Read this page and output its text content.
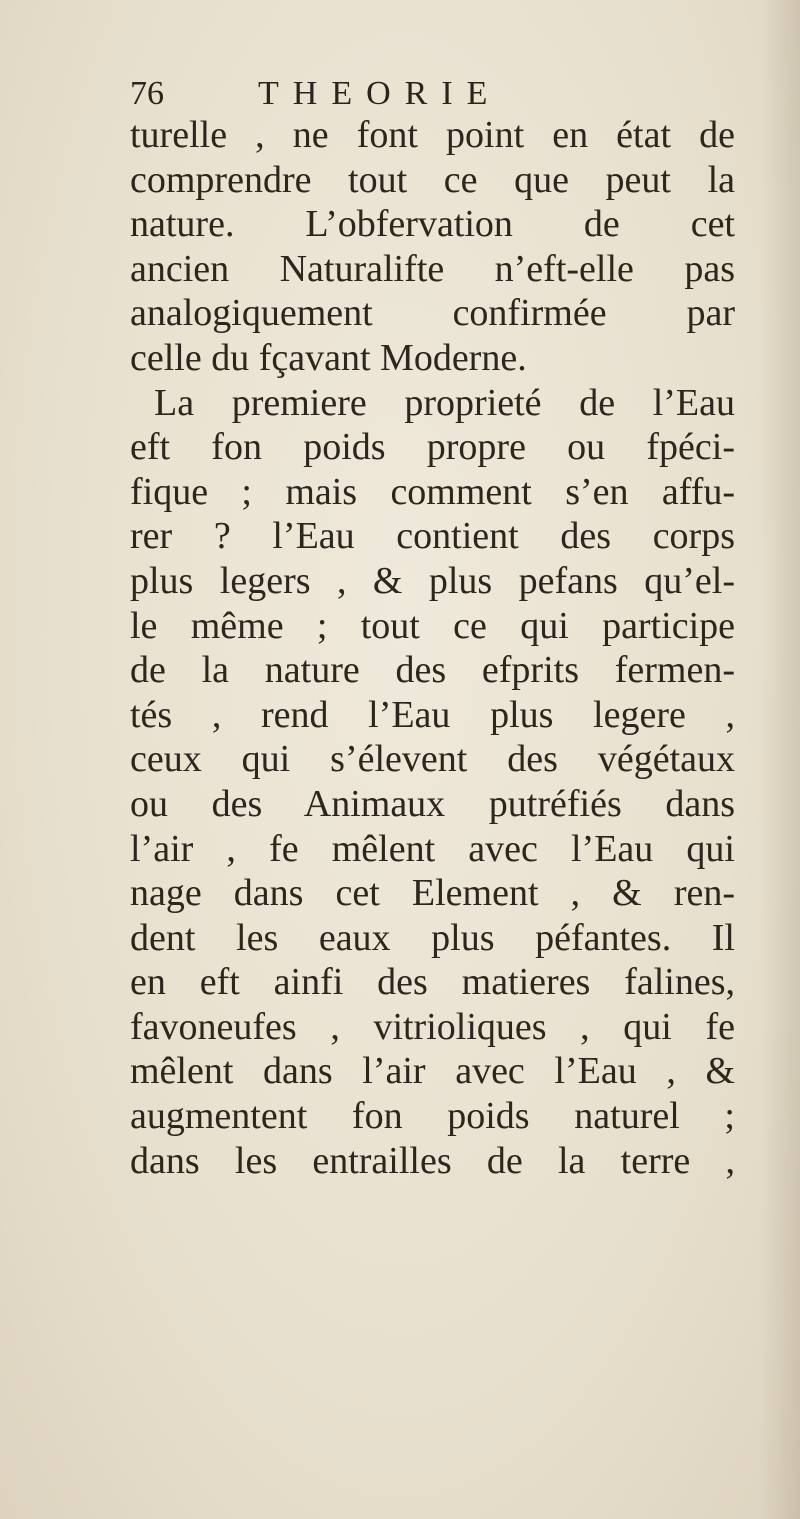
76	THEORIE
turelle , ne font point en état de
comprendre tout ce que peut la
nature. L’obfervation de cet
ancien Naturalifte n’eft-elle pas
analogiquement confirmée par
celle du fçavant Moderne.
La premiere proprieté de l’Eau
eft fon poids propre ou fpéci-
fique ; mais comment s’en affu-
rer ? l’Eau contient des corps
plus legers , & plus pefans qu’el-
le même ; tout ce qui participe
de la nature des efprits fermen-
tés , rend l’Eau plus legere ,
ceux qui s’élevent des végétaux
ou des Animaux putréfiés dans
l’air , fe mêlent avec l’Eau qui
nage dans cet Element , & ren-
dent les eaux plus péfantes. Il
en eft ainfi des matieres falines,
favoneufes , vitrioliques , qui fe
mêlent dans l’air avec l’Eau , &
augmentent fon poids naturel ;
dans les entrailles de la terre ,
